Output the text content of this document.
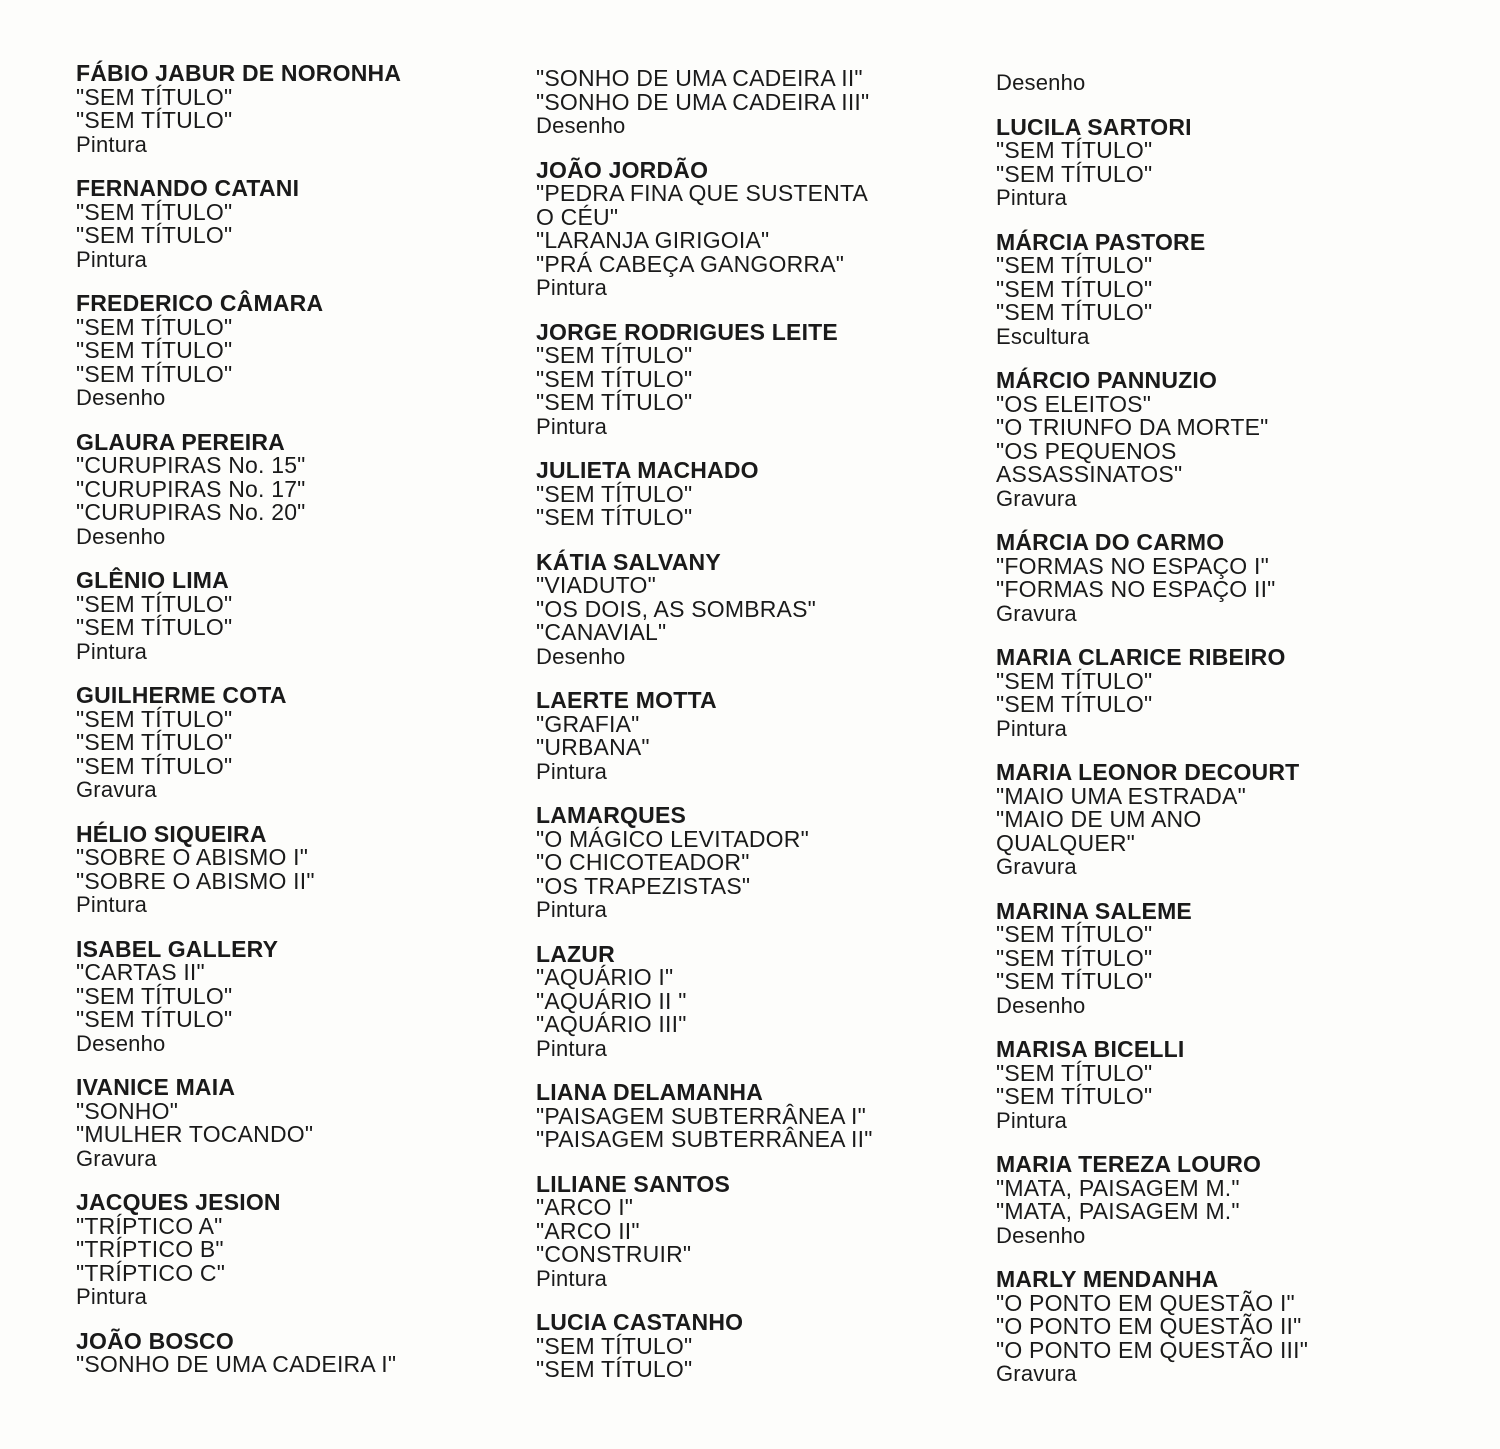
FÁBIO JABUR DE NORONHA
"SEM TÍTULO"
"SEM TÍTULO"
Pintura
FERNANDO CATANI
"SEM TÍTULO"
"SEM TÍTULO"
Pintura
FREDERICO CÂMARA
"SEM TÍTULO"
"SEM TÍTULO"
"SEM TÍTULO"
Desenho
GLAURA PEREIRA
"CURUPIRAS No. 15"
"CURUPIRAS No. 17"
"CURUPIRAS No. 20"
Desenho
GLÊNIO LIMA
"SEM TÍTULO"
"SEM TÍTULO"
Pintura
GUILHERME COTA
"SEM TÍTULO"
"SEM TÍTULO"
"SEM TÍTULO"
Gravura
HÉLIO SIQUEIRA
"SOBRE O ABISMO I"
"SOBRE O ABISMO II"
Pintura
ISABEL GALLERY
"CARTAS II"
"SEM TÍTULO"
"SEM TÍTULO"
Desenho
IVANICE MAIA
"SONHO"
"MULHER TOCANDO"
Gravura
JACQUES JESION
"TRÍPTICO A"
"TRÍPTICO B"
"TRÍPTICO C"
Pintura
JOÃO BOSCO
"SONHO DE UMA CADEIRA I"
"SONHO DE UMA CADEIRA II"
"SONHO DE UMA CADEIRA III"
Desenho
JOÃO JORDÃO
"PEDRA FINA QUE SUSTENTA
O CÉU"
"LARANJA GIRIGOIA"
"PRÁ CABEÇA GANGORRA"
Pintura
JORGE RODRIGUES LEITE
"SEM TÍTULO"
"SEM TÍTULO"
"SEM TÍTULO"
Pintura
JULIETA MACHADO
"SEM TÍTULO"
"SEM TÍTULO"
KÁTIA SALVANY
"VIADUTO"
"OS DOIS, AS SOMBRAS"
"CANAVIAL"
Desenho
LAERTE MOTTA
"GRAFIA"
"URBANA"
Pintura
LAMARQUES
"O MÁGICO LEVITADOR"
"O CHICOTEADOR"
"OS TRAPEZISTAS"
Pintura
LAZUR
"AQUÁRIO I"
"AQUÁRIO II "
"AQUÁRIO III"
Pintura
LIANA DELAMANHA
"PAISAGEM SUBTERRÂNEA I"
"PAISAGEM SUBTERRÂNEA II"
LILIANE SANTOS
"ARCO I"
"ARCO II"
"CONSTRUIR"
Pintura
LUCIA CASTANHO
"SEM TÍTULO"
"SEM TÍTULO"
Desenho
LUCILA SARTORI
"SEM TÍTULO"
"SEM TÍTULO"
Pintura
MÁRCIA PASTORE
"SEM TÍTULO"
"SEM TÍTULO"
"SEM TÍTULO"
Escultura
MÁRCIO PANNUZIO
"OS ELEITOS"
"O TRIUNFO DA MORTE"
"OS PEQUENOS
ASSASSINATOS"
Gravura
MÁRCIA DO CARMO
"FORMAS NO ESPAÇO I"
"FORMAS NO ESPAÇO II"
Gravura
MARIA CLARICE RIBEIRO
"SEM TÍTULO"
"SEM TÍTULO"
Pintura
MARIA LEONOR DECOURT
"MAIO UMA ESTRADA"
"MAIO DE UM ANO
QUALQUER"
Gravura
MARINA SALEME
"SEM TÍTULO"
"SEM TÍTULO"
"SEM TÍTULO"
Desenho
MARISA BICELLI
"SEM TÍTULO"
"SEM TÍTULO"
Pintura
MARIA TEREZA LOURO
"MATA, PAISAGEM M."
"MATA, PAISAGEM M."
Desenho
MARLY MENDANHA
"O PONTO EM QUESTÃO I"
"O PONTO EM QUESTÃO II"
"O PONTO EM QUESTÃO III"
Gravura
